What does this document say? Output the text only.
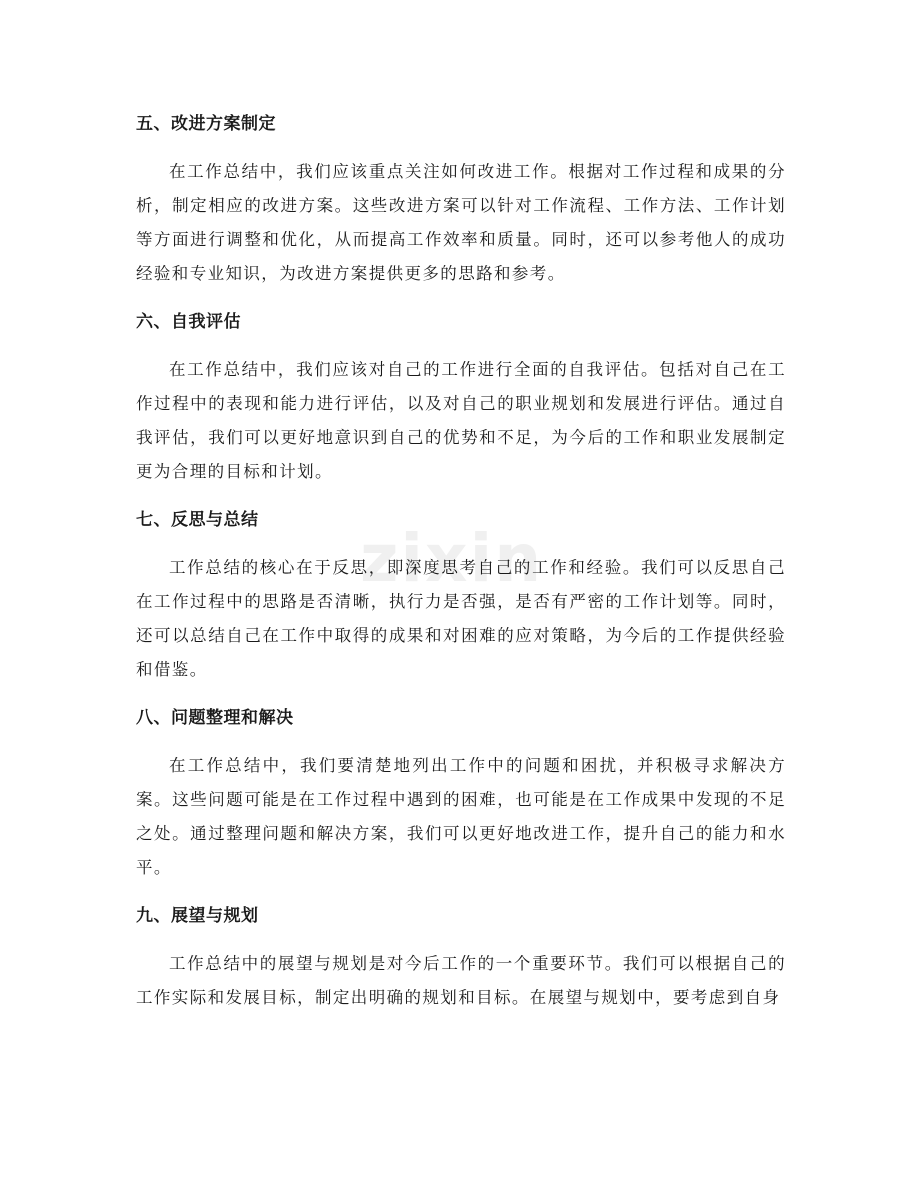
zixin
五、改进方案制定
在工作总结中，我们应该重点关注如何改进工作。根据对工作过程和成果的分析，制定相应的改进方案。这些改进方案可以针对工作流程、工作方法、工作计划等方面进行调整和优化，从而提高工作效率和质量。同时，还可以参考他人的成功经验和专业知识，为改进方案提供更多的思路和参考。
六、自我评估
在工作总结中，我们应该对自己的工作进行全面的自我评估。包括对自己在工作过程中的表现和能力进行评估，以及对自己的职业规划和发展进行评估。通过自我评估，我们可以更好地意识到自己的优势和不足，为今后的工作和职业发展制定更为合理的目标和计划。
七、反思与总结
工作总结的核心在于反思，即深度思考自己的工作和经验。我们可以反思自己在工作过程中的思路是否清晰，执行力是否强，是否有严密的工作计划等。同时，还可以总结自己在工作中取得的成果和对困难的应对策略，为今后的工作提供经验和借鉴。
八、问题整理和解决
在工作总结中，我们要清楚地列出工作中的问题和困扰，并积极寻求解决方案。这些问题可能是在工作过程中遇到的困难，也可能是在工作成果中发现的不足之处。通过整理问题和解决方案，我们可以更好地改进工作，提升自己的能力和水平。
九、展望与规划
工作总结中的展望与规划是对今后工作的一个重要环节。我们可以根据自己的工作实际和发展目标，制定出明确的规划和目标。在展望与规划中，要考虑到自身
